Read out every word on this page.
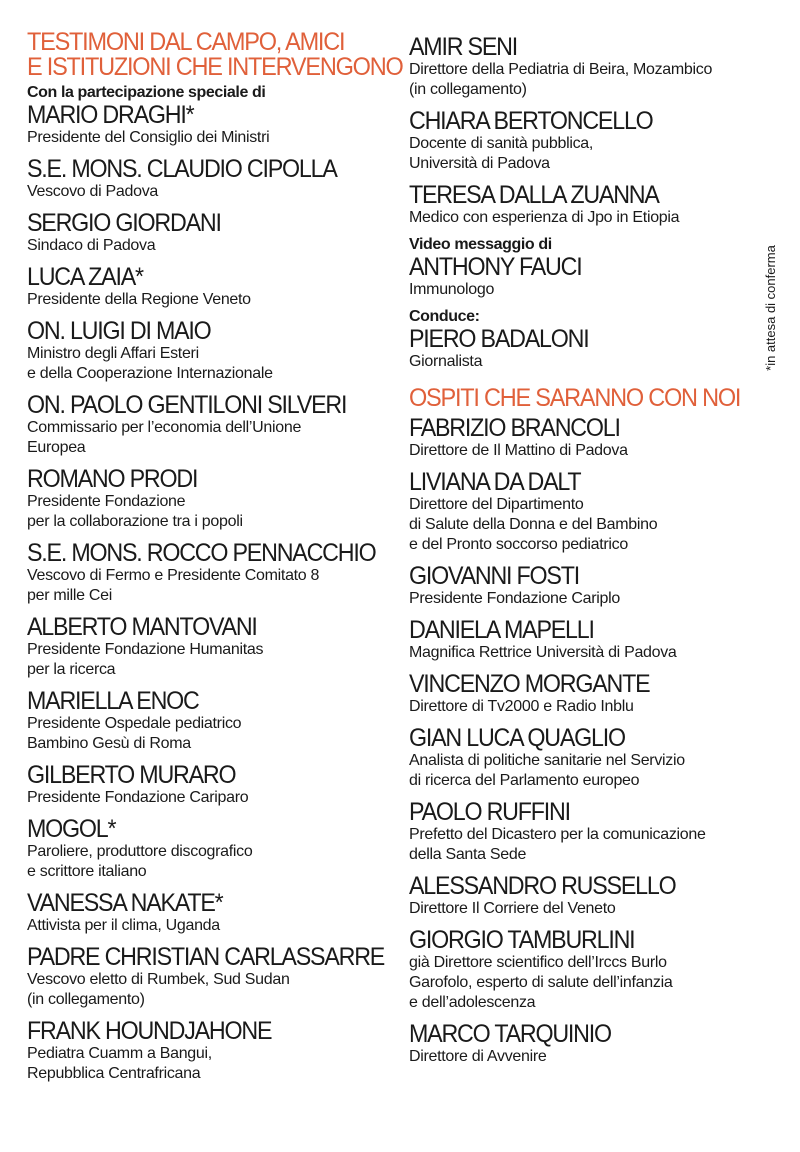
TESTIMONI DAL CAMPO, AMICI
E ISTITUZIONI CHE INTERVENGONO
Con la partecipazione speciale di
MARIO DRAGHI*
Presidente del Consiglio dei Ministri
S.E. MONS. CLAUDIO CIPOLLA
Vescovo di Padova
SERGIO GIORDANI
Sindaco di Padova
LUCA ZAIA*
Presidente della Regione Veneto
ON. LUIGI DI MAIO
Ministro degli Affari Esteri
e della Cooperazione Internazionale
ON. PAOLO GENTILONI SILVERI
Commissario per l’economia dell’Unione
Europea
ROMANO PRODI
Presidente Fondazione
per la collaborazione tra i popoli
S.E. MONS. ROCCO PENNACCHIO
Vescovo di Fermo e Presidente Comitato 8
per mille Cei
ALBERTO MANTOVANI
Presidente Fondazione Humanitas
per la ricerca
MARIELLA ENOC
Presidente Ospedale pediatrico
Bambino Gesù di Roma
GILBERTO MURARO
Presidente Fondazione Cariparo
MOGOL*
Paroliere, produttore discografico
e scrittore italiano
VANESSA NAKATE*
Attivista per il clima, Uganda
PADRE CHRISTIAN CARLASSARRE
Vescovo eletto di Rumbek, Sud Sudan
(in collegamento)
FRANK HOUNDJAHONE
Pediatra Cuamm a Bangui,
Repubblica Centrafricana
AMIR SENI
Direttore della Pediatria di Beira, Mozambico
(in collegamento)
CHIARA BERTONCELLO
Docente di sanità pubblica,
Università di Padova
TERESA DALLA ZUANNA
Medico con esperienza di Jpo in Etiopia
Video messaggio di
ANTHONY FAUCI
Immunologo
Conduce:
PIERO BADALONI
Giornalista
OSPITI CHE SARANNO CON NOI
FABRIZIO BRANCOLI
Direttore de Il Mattino di Padova
LIVIANA DA DALT
Direttore del Dipartimento
di Salute della Donna e del Bambino
e del Pronto soccorso pediatrico
GIOVANNI FOSTI
Presidente Fondazione Cariplo
DANIELA MAPELLI
Magnifica Rettrice Università di Padova
VINCENZO MORGANTE
Direttore di Tv2000 e Radio Inblu
GIAN LUCA QUAGLIO
Analista di politiche sanitarie nel Servizio
di ricerca del Parlamento europeo
PAOLO RUFFINI
Prefetto del Dicastero per la comunicazione
della Santa Sede
ALESSANDRO RUSSELLO
Direttore Il Corriere del Veneto
GIORGIO TAMBURLINI
già Direttore scientifico dell’Irccs Burlo
Garofolo, esperto di salute dell’infanzia
e dell’adolescenza
MARCO TARQUINIO
Direttore di Avvenire
*in attesa di conferma
